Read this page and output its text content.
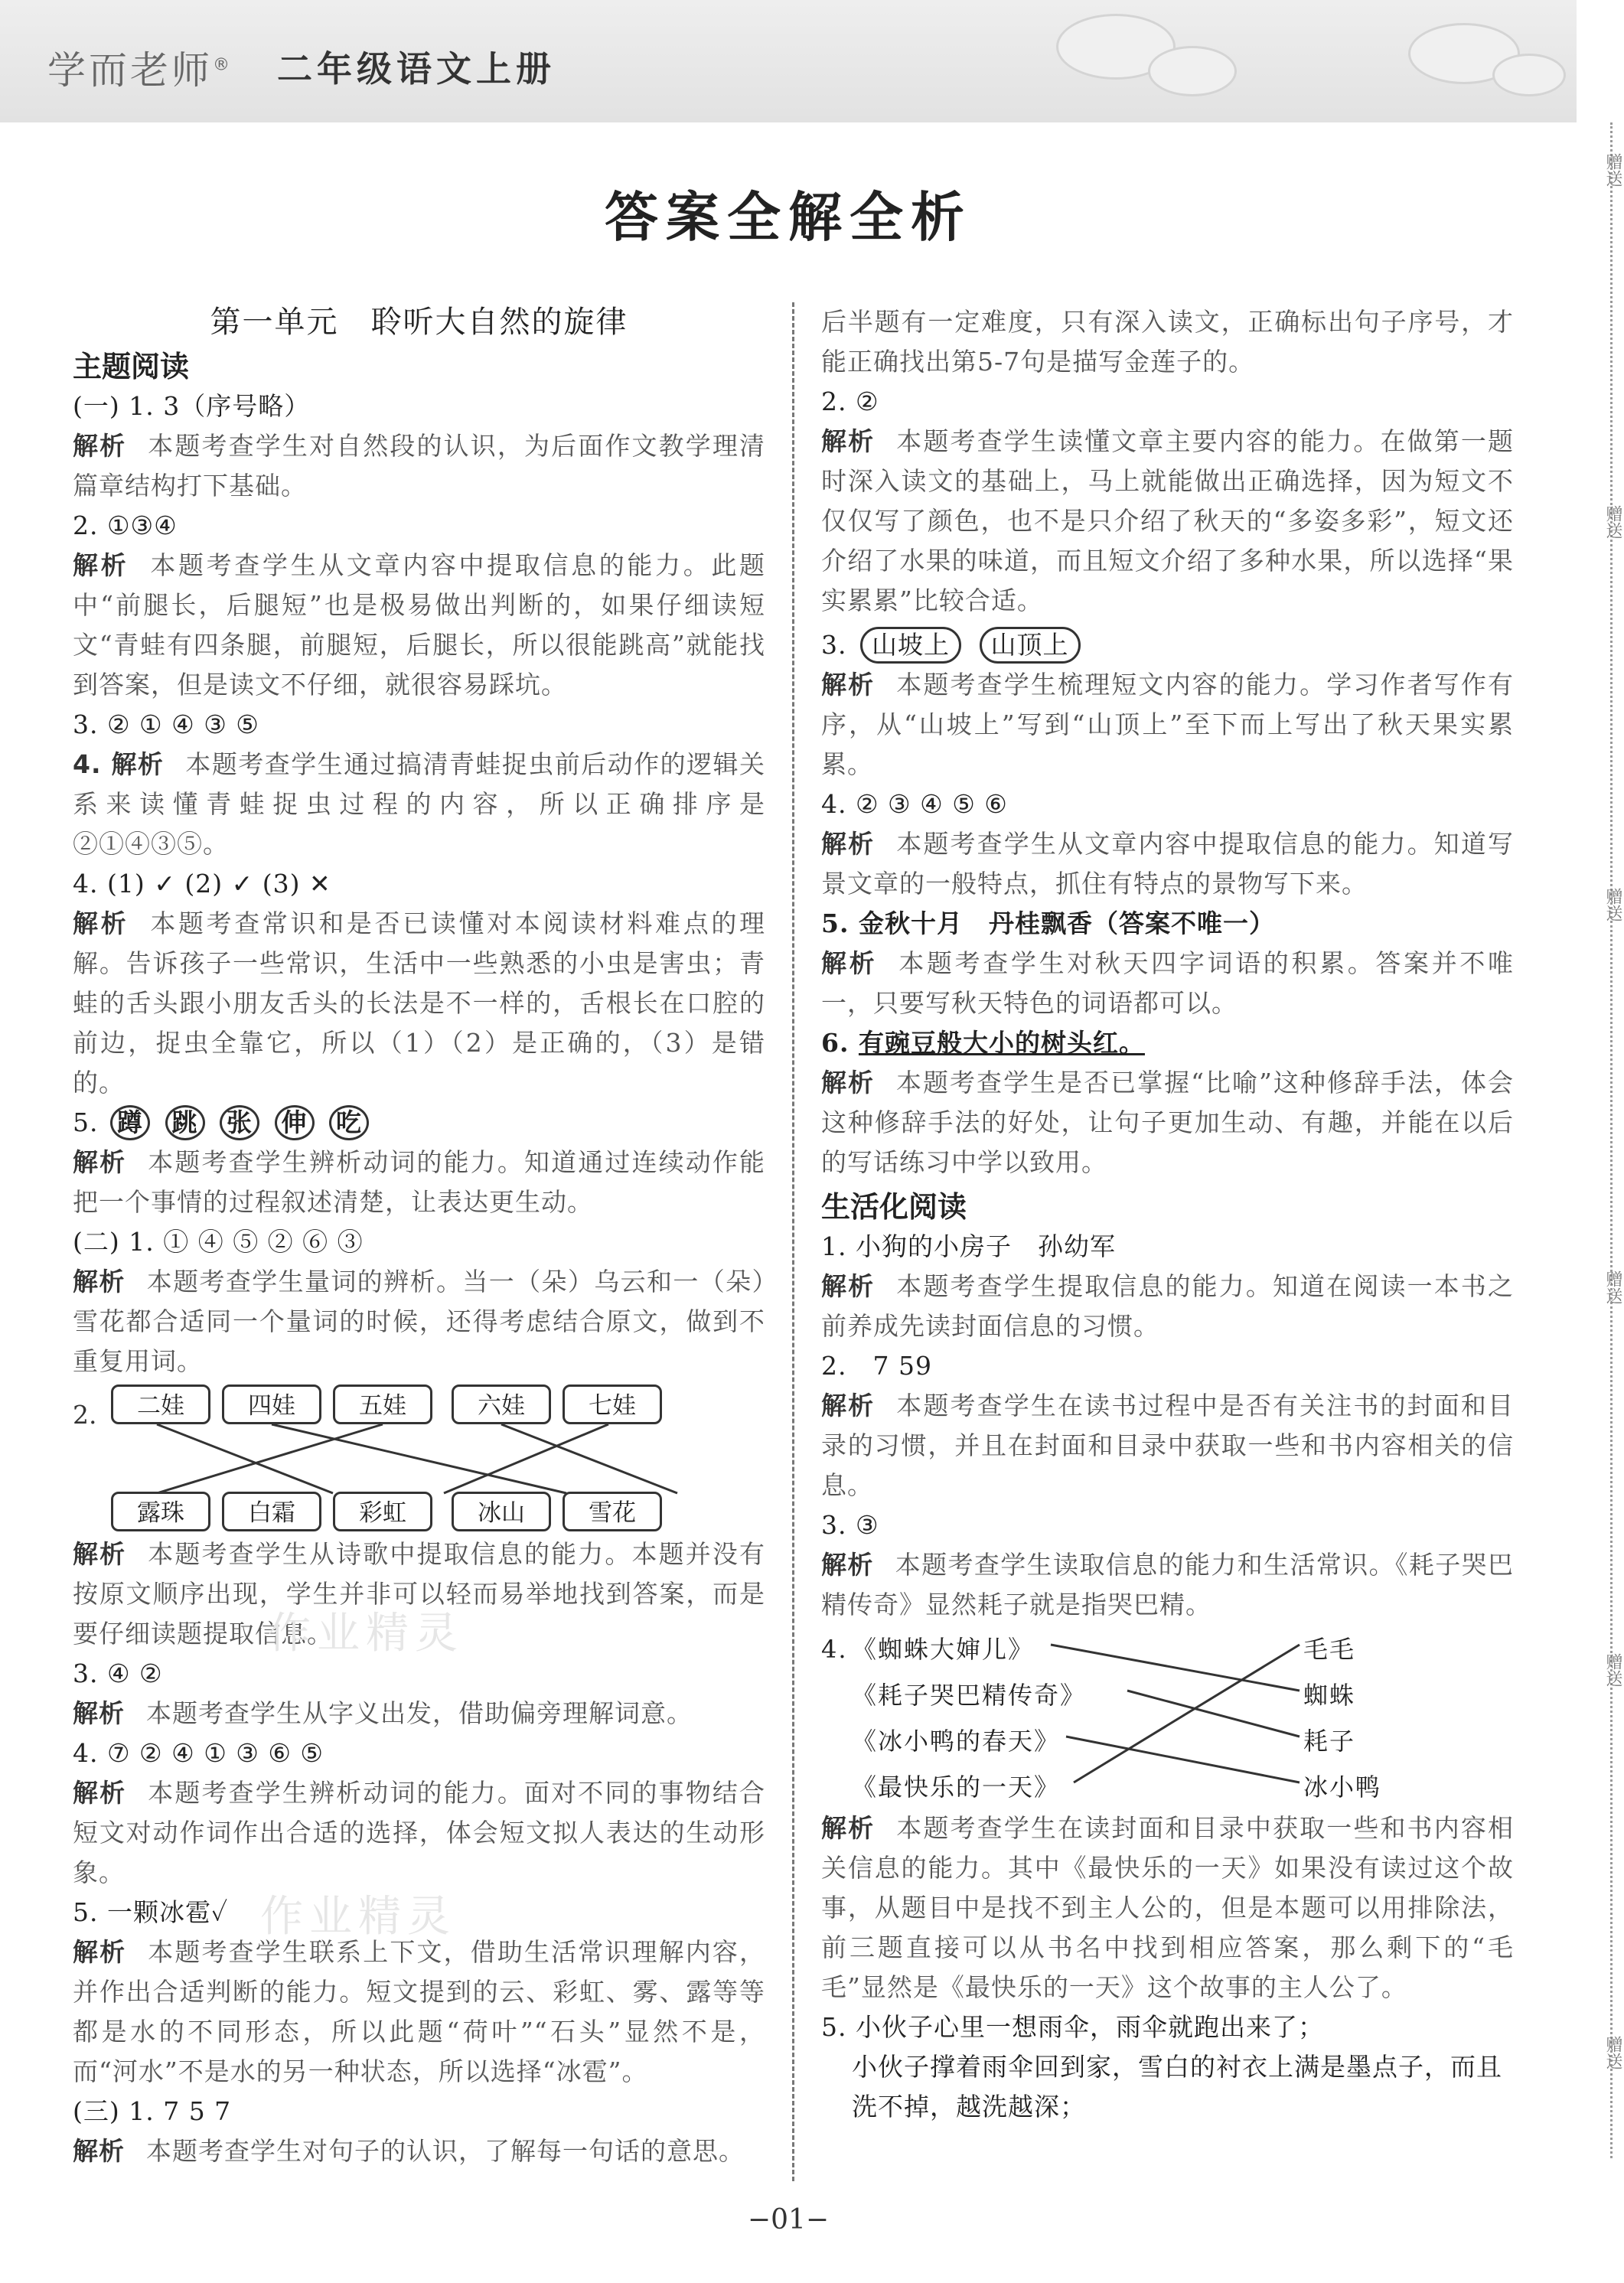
学而老师® 二年级语文上册
答案全解全析
赠送
赠送
赠送
赠送
赠送
赠送
第一单元　聆听大自然的旋律
主题阅读
(一) 1. 3（序号略）
解析 本题考查学生对自然段的认识，为后面作文教学理清篇章结构打下基础。
2. ①③④
解析 本题考查学生从文章内容中提取信息的能力。此题中“前腿长，后腿短”也是极易做出判断的，如果仔细读短文“青蛙有四条腿，前腿短，后腿长，所以很能跳高”就能找到答案，但是读文不仔细，就很容易踩坑。
3. ② ① ④ ③ ⑤
4. 解析 本题考查学生通过搞清青蛙捉虫前后动作的逻辑关系来读懂青蛙捉虫过程的内容，所以正确排序是②①④③⑤。
4. (1) ✓ (2) ✓ (3) ✕
解析 本题考查常识和是否已读懂对本阅读材料难点的理解。告诉孩子一些常识，生活中一些熟悉的小虫是害虫；青蛙的舌头跟小朋友舌头的长法是不一样的，舌根长在口腔的前边，捉虫全靠它，所以（1）（2）是正确的，（3）是错的。
5. 蹲 跳 张 伸 吃
解析 本题考查学生辨析动词的能力。知道通过连续动作能把一个事情的过程叙述清楚，让表达更生动。
(二) 1. ① ④ ⑤ ② ⑥ ③
解析 本题考查学生量词的辨析。当一（朵）乌云和一（朵）雪花都合适同一个量词的时候，还得考虑结合原文，做到不重复用词。
2.	二娃	四娃	五娃	六娃	七娃
露珠	白霜	彩虹	冰山	雪花
解析 本题考查学生从诗歌中提取信息的能力。本题并没有按原文顺序出现，学生并非可以轻而易举地找到答案，而是要仔细读题提取信息。
3. ④ ②
解析 本题考查学生从字义出发，借助偏旁理解词意。
4. ⑦ ② ④ ① ③ ⑥ ⑤
解析 本题考查学生辨析动词的能力。面对不同的事物结合短文对动作词作出合适的选择，体会短文拟人表达的生动形象。
5. 一颗冰雹✓
解析 本题考查学生联系上下文，借助生活常识理解内容，并作出合适判断的能力。短文提到的云、彩虹、雾、露等等都是水的不同形态，所以此题“荷叶”“石头”显然不是，而“河水”不是水的另一种状态，所以选择“冰雹”。
(三) 1. 7 5 7
解析 本题考查学生对句子的认识，了解每一句话的意思。
后半题有一定难度，只有深入读文，正确标出句子序号，才能正确找出第5-7句是描写金莲子的。
2. ②
解析 本题考查学生读懂文章主要内容的能力。在做第一题时深入读文的基础上，马上就能做出正确选择，因为短文不仅仅写了颜色，也不是只介绍了秋天的“多姿多彩”，短文还介绍了水果的味道，而且短文介绍了多种水果，所以选择“果实累累”比较合适。
3. 山坡上 山顶上
解析 本题考查学生梳理短文内容的能力。学习作者写作有序，从“山坡上”写到“山顶上”至下而上写出了秋天果实累累。
4. ② ③ ④ ⑤ ⑥
解析 本题考查学生从文章内容中提取信息的能力。知道写景文章的一般特点，抓住有特点的景物写下来。
5. 金秋十月　丹桂飘香（答案不唯一）
解析 本题考查学生对秋天四字词语的积累。答案并不唯一，只要写秋天特色的词语都可以。
6. 有豌豆般大小的树头红。
解析 本题考查学生是否已掌握“比喻”这种修辞手法，体会这种修辞手法的好处，让句子更加生动、有趣，并能在以后的写话练习中学以致用。
生活化阅读
1. 小狗的小房子　孙幼军
解析 本题考查学生提取信息的能力。知道在阅读一本书之前养成先读封面信息的习惯。
2.　7 59
解析 本题考查学生在读书过程中是否有关注书的封面和目录的习惯，并且在封面和目录中获取一些和书内容相关的信息。
3. ③
解析 本题考查学生读取信息的能力和生活常识。《耗子哭巴精传奇》显然耗子就是指哭巴精。
4. 《蜘蛛大婶儿》
《耗子哭巴精传奇》
《冰小鸭的春天》
《最快乐的一天》
毛毛
蜘蛛
耗子
冰小鸭
解析 本题考查学生在读封面和目录中获取一些和书内容相关信息的能力。其中《最快乐的一天》如果没有读过这个故事，从题目中是找不到主人公的，但是本题可以用排除法，前三题直接可以从书名中找到相应答案，那么剩下的“毛毛”显然是《最快乐的一天》这个故事的主人公了。
5. 小伙子心里一想雨伞，雨伞就跑出来了；
小伙子撑着雨伞回到家，雪白的衬衣上满是墨点子，而且洗不掉，越洗越深；
作业精灵
作业精灵
−01−
